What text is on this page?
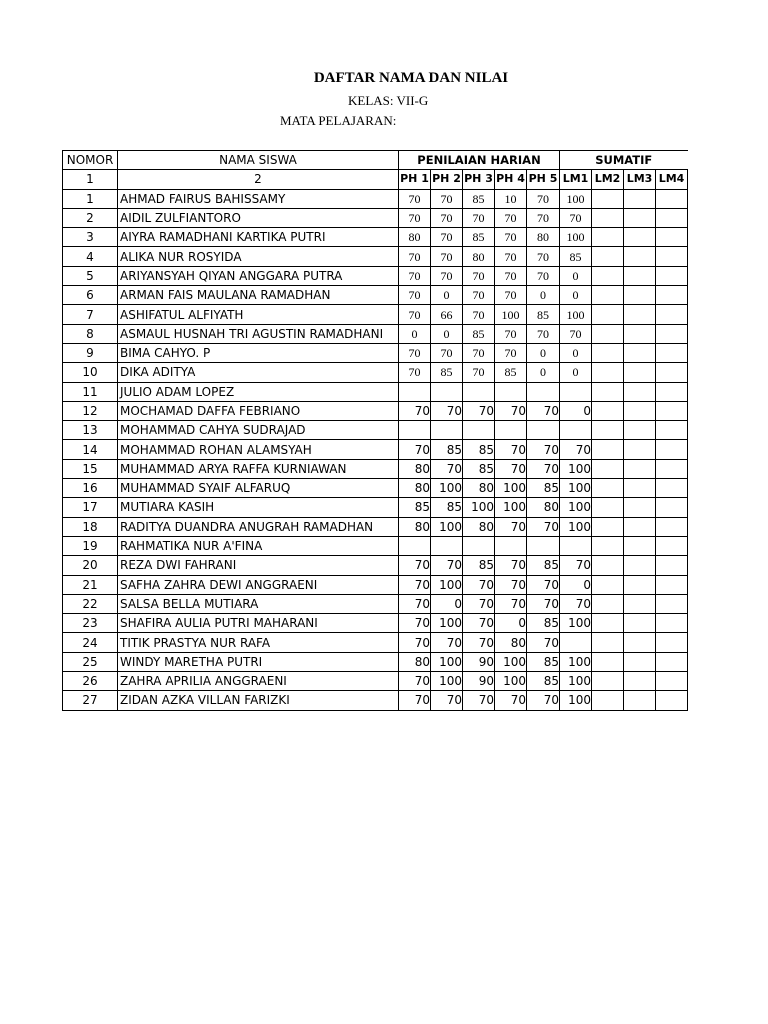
DAFTAR NAMA DAN NILAI
KELAS: VII-G
MATA PELAJARAN:
NOMOR	NAMA SISWA	PENILAIAN HARIAN					SUMATIF			
1	2	PH 1	PH 2	PH 3	PH 4	PH 5	LM1	LM2	LM3	LM4
1	AHMAD FAIRUS BAHISSAMY	70	70	85	10	70	100			
2	AIDIL ZULFIANTORO	70	70	70	70	70	70			
3	AIYRA RAMADHANI KARTIKA PUTRI	80	70	85	70	80	100			
4	ALIKA NUR ROSYIDA	70	70	80	70	70	85			
5	ARIYANSYAH QIYAN ANGGARA PUTRA	70	70	70	70	70	0			
6	ARMAN FAIS MAULANA RAMADHAN	70	0	70	70	0	0			
7	ASHIFATUL ALFIYATH	70	66	70	100	85	100			
8	ASMAUL HUSNAH TRI AGUSTIN RAMADHANI	0	0	85	70	70	70			
9	BIMA CAHYO. P	70	70	70	70	0	0			
10	DIKA ADITYA	70	85	70	85	0	0			
11	JULIO ADAM LOPEZ									
12	MOCHAMAD DAFFA FEBRIANO	70	70	70	70	70	0			
13	MOHAMMAD CAHYA SUDRAJAD									
14	MOHAMMAD ROHAN ALAMSYAH	70	85	85	70	70	70			
15	MUHAMMAD ARYA RAFFA KURNIAWAN	80	70	85	70	70	100			
16	MUHAMMAD SYAIF ALFARUQ	80	100	80	100	85	100			
17	MUTIARA KASIH	85	85	100	100	80	100			
18	RADITYA DUANDRA ANUGRAH RAMADHAN	80	100	80	70	70	100			
19	RAHMATIKA NUR A'FINA									
20	REZA DWI FAHRANI	70	70	85	70	85	70			
21	SAFHA ZAHRA DEWI ANGGRAENI	70	100	70	70	70	0			
22	SALSA BELLA MUTIARA	70	0	70	70	70	70			
23	SHAFIRA AULIA PUTRI MAHARANI	70	100	70	0	85	100			
24	TITIK PRASTYA NUR RAFA	70	70	70	80	70				
25	WINDY MARETHA PUTRI	80	100	90	100	85	100			
26	ZAHRA APRILIA ANGGRAENI	70	100	90	100	85	100			
27	ZIDAN AZKA VILLAN FARIZKI	70	70	70	70	70	100			
